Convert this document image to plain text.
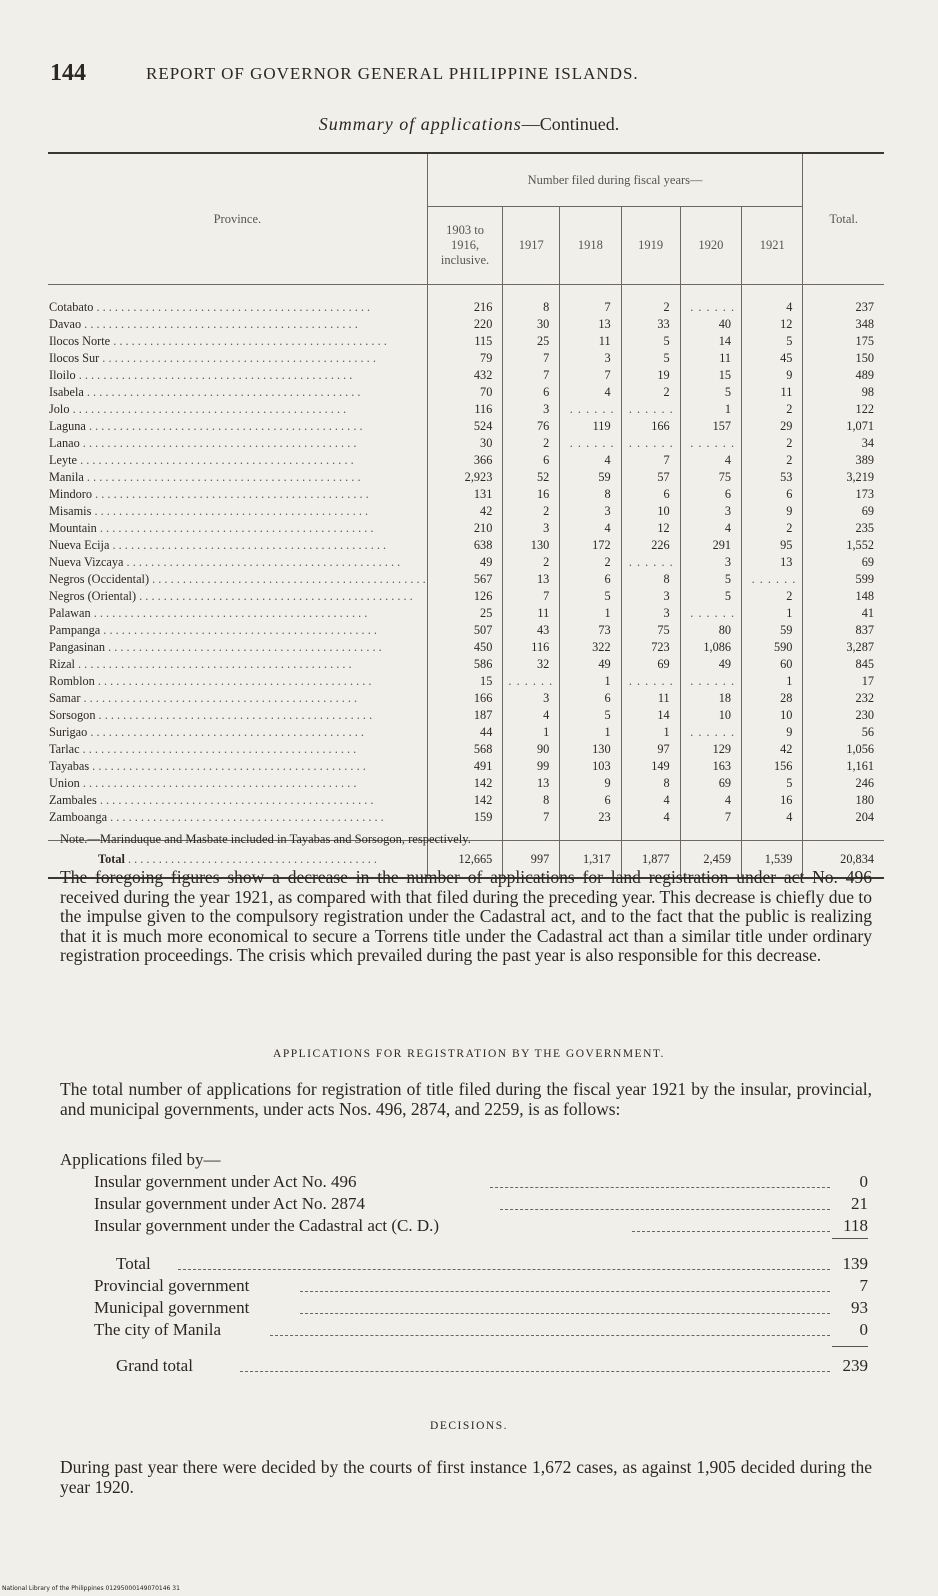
144	REPORT OF GOVERNOR GENERAL PHILIPPINE ISLANDS.
Summary of applications—Continued.
Province.	Number filed during fiscal years—						Total.
	1903 to 1916, inclusive.	1917	1918	1919	1920	1921	

Cotabato . . . . . . . . . . . . . . . . . . . . . . . . . . . . . . . . . . . . . . . . . . . . .	216	8	7	2	. . . . . .	4	237
Davao . . . . . . . . . . . . . . . . . . . . . . . . . . . . . . . . . . . . . . . . . . . . .	220	30	13	33	40	12	348
Ilocos Norte . . . . . . . . . . . . . . . . . . . . . . . . . . . . . . . . . . . . . . . . . . . . .	115	25	11	5	14	5	175
Ilocos Sur . . . . . . . . . . . . . . . . . . . . . . . . . . . . . . . . . . . . . . . . . . . . .	79	7	3	5	11	45	150
Iloilo . . . . . . . . . . . . . . . . . . . . . . . . . . . . . . . . . . . . . . . . . . . . .	432	7	7	19	15	9	489
Isabela . . . . . . . . . . . . . . . . . . . . . . . . . . . . . . . . . . . . . . . . . . . . .	70	6	4	2	5	11	98
Jolo . . . . . . . . . . . . . . . . . . . . . . . . . . . . . . . . . . . . . . . . . . . . .	116	3	. . . . . .	. . . . . .	1	2	122
Laguna . . . . . . . . . . . . . . . . . . . . . . . . . . . . . . . . . . . . . . . . . . . . .	524	76	119	166	157	29	1,071
Lanao . . . . . . . . . . . . . . . . . . . . . . . . . . . . . . . . . . . . . . . . . . . . .	30	2	. . . . . .	. . . . . .	. . . . . .	2	34
Leyte . . . . . . . . . . . . . . . . . . . . . . . . . . . . . . . . . . . . . . . . . . . . .	366	6	4	7	4	2	389
Manila . . . . . . . . . . . . . . . . . . . . . . . . . . . . . . . . . . . . . . . . . . . . .	2,923	52	59	57	75	53	3,219
Mindoro . . . . . . . . . . . . . . . . . . . . . . . . . . . . . . . . . . . . . . . . . . . . .	131	16	8	6	6	6	173
Misamis . . . . . . . . . . . . . . . . . . . . . . . . . . . . . . . . . . . . . . . . . . . . .	42	2	3	10	3	9	69
Mountain . . . . . . . . . . . . . . . . . . . . . . . . . . . . . . . . . . . . . . . . . . . . .	210	3	4	12	4	2	235
Nueva Ecija . . . . . . . . . . . . . . . . . . . . . . . . . . . . . . . . . . . . . . . . . . . . .	638	130	172	226	291	95	1,552
Nueva Vizcaya . . . . . . . . . . . . . . . . . . . . . . . . . . . . . . . . . . . . . . . . . . . . .	49	2	2	. . . . . .	3	13	69
Negros (Occidental) . . . . . . . . . . . . . . . . . . . . . . . . . . . . . . . . . . . . . . . . . . . . .	567	13	6	8	5	. . . . . .	599
Negros (Oriental) . . . . . . . . . . . . . . . . . . . . . . . . . . . . . . . . . . . . . . . . . . . . .	126	7	5	3	5	2	148
Palawan . . . . . . . . . . . . . . . . . . . . . . . . . . . . . . . . . . . . . . . . . . . . .	25	11	1	3	. . . . . .	1	41
Pampanga . . . . . . . . . . . . . . . . . . . . . . . . . . . . . . . . . . . . . . . . . . . . .	507	43	73	75	80	59	837
Pangasinan . . . . . . . . . . . . . . . . . . . . . . . . . . . . . . . . . . . . . . . . . . . . .	450	116	322	723	1,086	590	3,287
Rizal . . . . . . . . . . . . . . . . . . . . . . . . . . . . . . . . . . . . . . . . . . . . .	586	32	49	69	49	60	845
Romblon . . . . . . . . . . . . . . . . . . . . . . . . . . . . . . . . . . . . . . . . . . . . .	15	. . . . . .	1	. . . . . .	. . . . . .	1	17
Samar . . . . . . . . . . . . . . . . . . . . . . . . . . . . . . . . . . . . . . . . . . . . .	166	3	6	11	18	28	232
Sorsogon . . . . . . . . . . . . . . . . . . . . . . . . . . . . . . . . . . . . . . . . . . . . .	187	4	5	14	10	10	230
Surigao . . . . . . . . . . . . . . . . . . . . . . . . . . . . . . . . . . . . . . . . . . . . .	44	1	1	1	. . . . . .	9	56
Tarlac . . . . . . . . . . . . . . . . . . . . . . . . . . . . . . . . . . . . . . . . . . . . .	568	90	130	97	129	42	1,056
Tayabas . . . . . . . . . . . . . . . . . . . . . . . . . . . . . . . . . . . . . . . . . . . . .	491	99	103	149	163	156	1,161
Union . . . . . . . . . . . . . . . . . . . . . . . . . . . . . . . . . . . . . . . . . . . . .	142	13	9	8	69	5	246
Zambales . . . . . . . . . . . . . . . . . . . . . . . . . . . . . . . . . . . . . . . . . . . . .	142	8	6	4	4	16	180
Zamboanga . . . . . . . . . . . . . . . . . . . . . . . . . . . . . . . . . . . . . . . . . . . . .	159	7	23	4	7	4	204

Total . . . . . . . . . . . . . . . . . . . . . . . . . . . . . . . . . . . . . . . . .	12,665	997	1,317	1,877	2,459	1,539	20,834
Note.—Marinduque and Masbate included in Tayabas and Sorsogon, respectively.
The foregoing figures show a decrease in the number of applications for land registration under act No. 496 received during the year 1921, as compared with that filed during the preceding year. This decrease is chiefly due to the impulse given to the compulsory registration under the Cadastral act, and to the fact that the public is realizing that it is much more economical to secure a Torrens title under the Cadastral act than a similar title under ordinary registration proceedings. The crisis which prevailed during the past year is also responsible for this decrease.
APPLICATIONS FOR REGISTRATION BY THE GOVERNMENT.
The total number of applications for registration of title filed during the fiscal year 1921 by the insular, provincial, and municipal governments, under acts Nos. 496, 2874, and 2259, is as follows:
Applications filed by—
Insular government under Act No. 496	0
Insular government under Act No. 2874	21
Insular government under the Cadastral act (C. D.)	118
Total	139
Provincial government	7
Municipal government	93
The city of Manila	0
Grand total	239
DECISIONS.
During past year there were decided by the courts of first instance 1,672 cases, as against 1,905 decided during the year 1920.
National Library of the Philippines 01295000149070146 31
